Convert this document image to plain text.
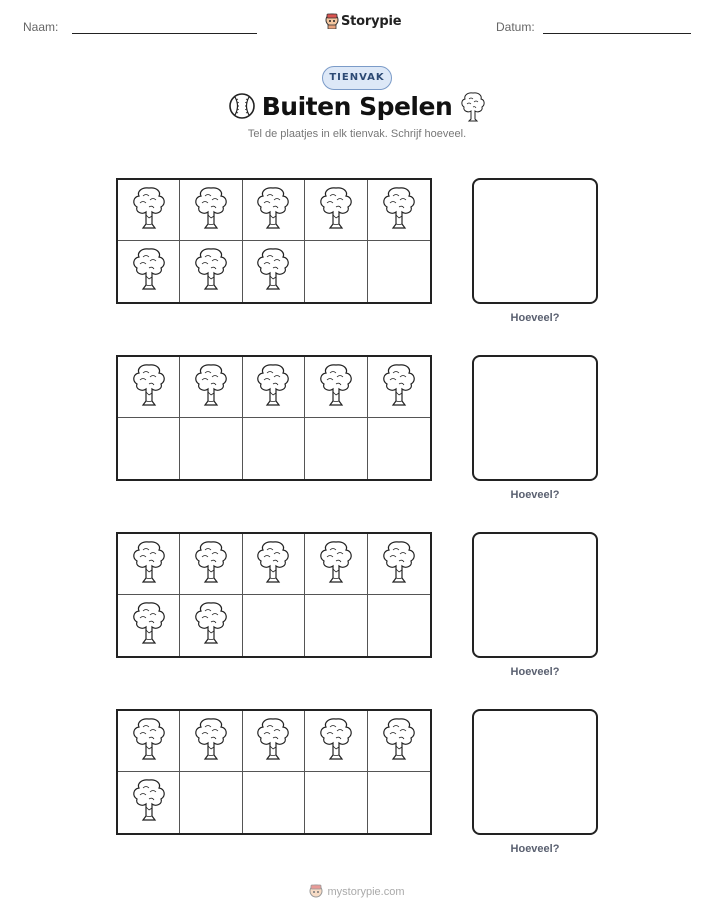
Naam:	Storypie	Datum:
TIENVAK
Buiten Spelen
Tel de plaatjes in elk tienvak. Schrijf hoeveel.
Hoeveel?
Hoeveel?
Hoeveel?
Hoeveel?
mystorypie.com
